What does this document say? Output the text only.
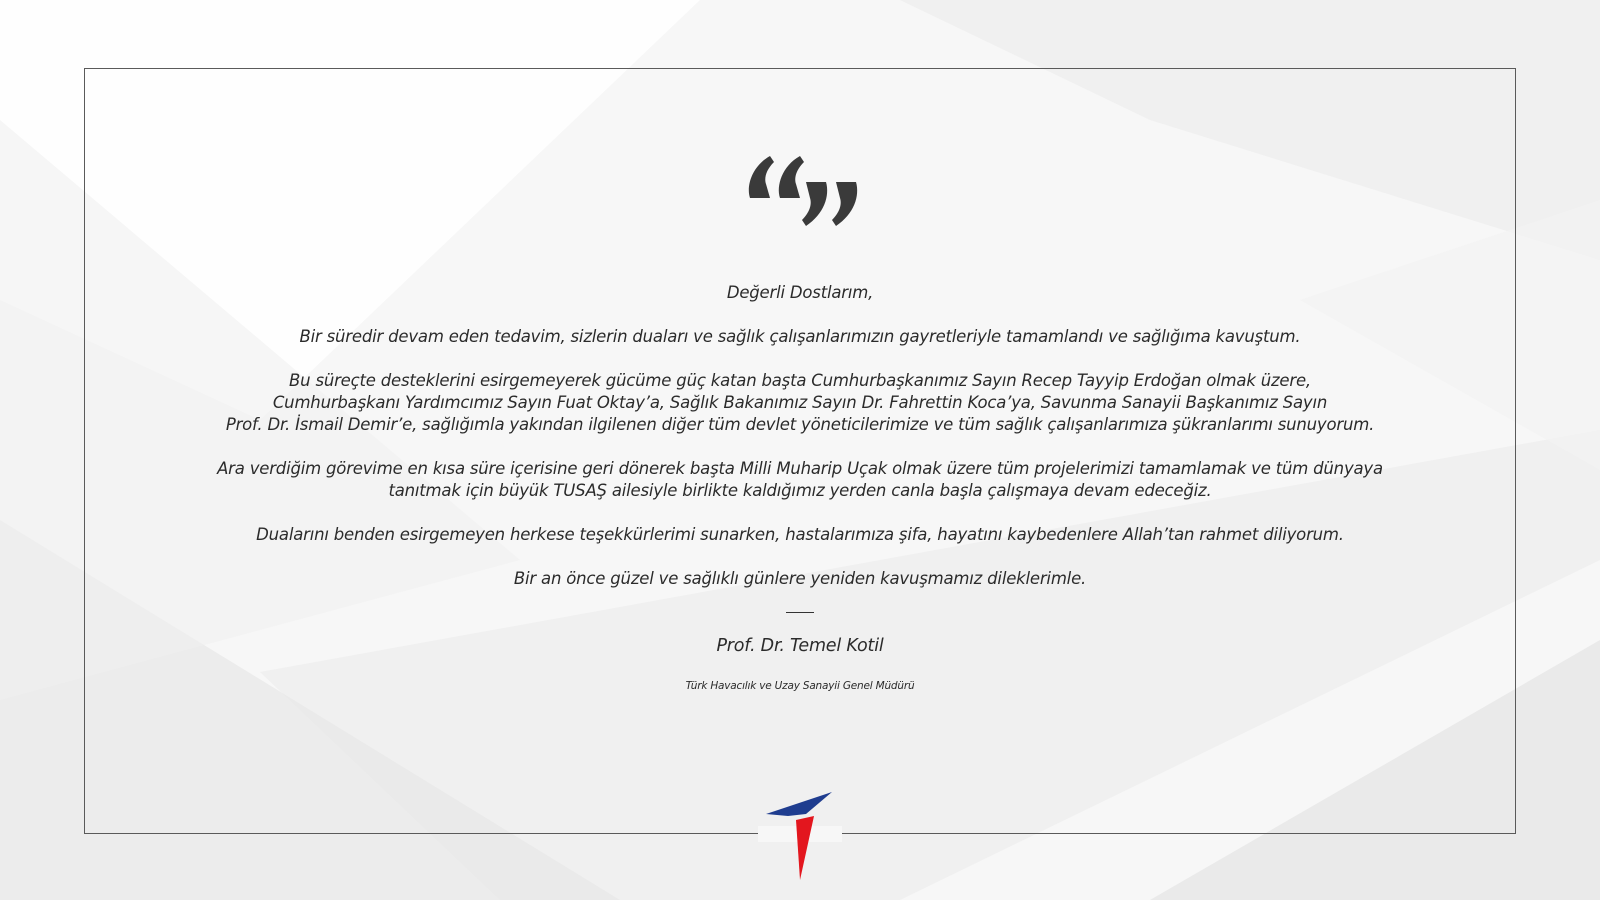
Değerli Dostlarım,

Bir süredir devam eden tedavim, sizlerin duaları ve sağlık çalışanlarımızın gayretleriyle tamamlandı ve sağlığıma kavuştum.

Bu süreçte desteklerini esirgemeyerek gücüme güç katan başta Cumhurbaşkanımız Sayın Recep Tayyip Erdoğan olmak üzere,
Cumhurbaşkanı Yardımcımız Sayın Fuat Oktay’a, Sağlık Bakanımız Sayın Dr. Fahrettin Koca’ya, Savunma Sanayii Başkanımız Sayın
Prof. Dr. İsmail Demir’e, sağlığımla yakından ilgilenen diğer tüm devlet yöneticilerimize ve tüm sağlık çalışanlarımıza şükranlarımı sunuyorum.

Ara verdiğim görevime en kısa süre içerisine geri dönerek başta Milli Muharip Uçak olmak üzere tüm projelerimizi tamamlamak ve tüm dünyaya
tanıtmak için büyük TUSAŞ ailesiyle birlikte kaldığımız yerden canla başla çalışmaya devam edeceğiz.

Dualarını benden esirgemeyen herkese teşekkürlerimi sunarken, hastalarımıza şifa, hayatını kaybedenlere Allah’tan rahmet diliyorum.

Bir an önce güzel ve sağlıklı günlere yeniden kavuşmamız dileklerimle.

Prof. Dr. Temel Kotil

Türk Havacılık ve Uzay Sanayii Genel Müdürü
